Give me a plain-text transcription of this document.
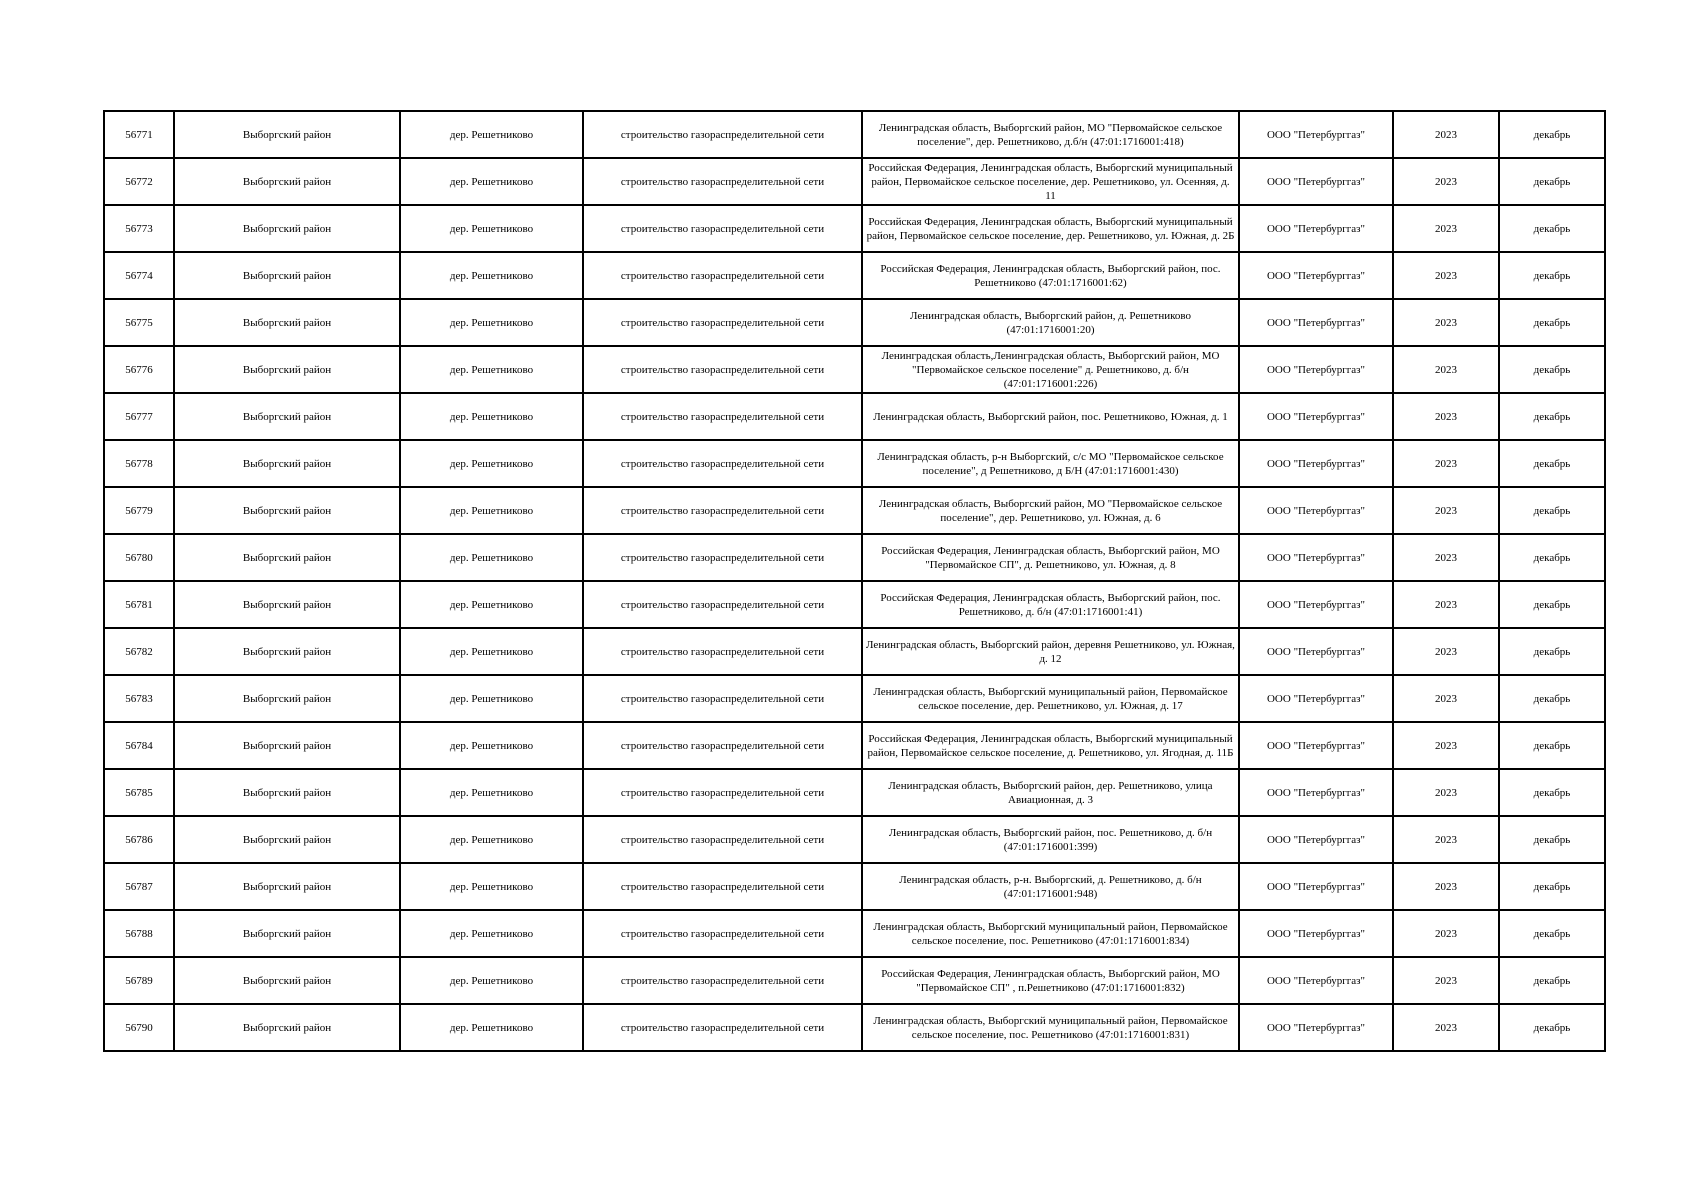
56771	Выборгский район	дер. Решетниково	строительство газораспределительной сети	Ленинградская область, Выборгский район, МО "Первомайское сельское поселение", дер. Решетниково, д.б/н (47:01:1716001:418)	ООО "Петербурггаз"	2023	декабрь
56772	Выборгский район	дер. Решетниково	строительство газораспределительной сети	Российская Федерация, Ленинградская область, Выборгский муниципальный район, Первомайское сельское поселение, дер. Решетниково, ул. Осенняя, д. 11	ООО "Петербурггаз"	2023	декабрь
56773	Выборгский район	дер. Решетниково	строительство газораспределительной сети	Российская Федерация, Ленинградская область, Выборгский муниципальный район, Первомайское сельское поселение, дер. Решетниково, ул. Южная, д. 2Б	ООО "Петербурггаз"	2023	декабрь
56774	Выборгский район	дер. Решетниково	строительство газораспределительной сети	Российская Федерация, Ленинградская область, Выборгский район, пос. Решетниково (47:01:1716001:62)	ООО "Петербурггаз"	2023	декабрь
56775	Выборгский район	дер. Решетниково	строительство газораспределительной сети	Ленинградская область, Выборгский район, д. Решетниково (47:01:1716001:20)	ООО "Петербурггаз"	2023	декабрь
56776	Выборгский район	дер. Решетниково	строительство газораспределительной сети	Ленинградская область,Ленинградская область, Выборгский район, МО "Первомайское сельское поселение" д. Решетниково, д. б/н (47:01:1716001:226)	ООО "Петербурггаз"	2023	декабрь
56777	Выборгский район	дер. Решетниково	строительство газораспределительной сети	Ленинградская область, Выборгский район, пос. Решетниково, Южная, д. 1	ООО "Петербурггаз"	2023	декабрь
56778	Выборгский район	дер. Решетниково	строительство газораспределительной сети	Ленинградская область, р-н Выборгский, с/с МО "Первомайское сельское поселение", д Решетниково, д Б/Н (47:01:1716001:430)	ООО "Петербурггаз"	2023	декабрь
56779	Выборгский район	дер. Решетниково	строительство газораспределительной сети	Ленинградская область, Выборгский район, МО "Первомайское сельское поселение", дер. Решетниково, ул. Южная, д. 6	ООО "Петербурггаз"	2023	декабрь
56780	Выборгский район	дер. Решетниково	строительство газораспределительной сети	Российская Федерация, Ленинградская область, Выборгский район, МО "Первомайское СП", д. Решетниково, ул. Южная, д. 8	ООО "Петербурггаз"	2023	декабрь
56781	Выборгский район	дер. Решетниково	строительство газораспределительной сети	Российская Федерация, Ленинградская область, Выборгский район, пос. Решетниково, д. б/н (47:01:1716001:41)	ООО "Петербурггаз"	2023	декабрь
56782	Выборгский район	дер. Решетниково	строительство газораспределительной сети	Ленинградская область, Выборгский район, деревня Решетниково, ул. Южная, д. 12	ООО "Петербурггаз"	2023	декабрь
56783	Выборгский район	дер. Решетниково	строительство газораспределительной сети	Ленинградская область, Выборгский муниципальный район, Первомайское сельское поселение, дер. Решетниково, ул. Южная, д. 17	ООО "Петербурггаз"	2023	декабрь
56784	Выборгский район	дер. Решетниково	строительство газораспределительной сети	Российская Федерация, Ленинградская область, Выборгский муниципальный район, Первомайское сельское поселение, д. Решетниково, ул. Ягодная, д. 11Б	ООО "Петербурггаз"	2023	декабрь
56785	Выборгский район	дер. Решетниково	строительство газораспределительной сети	Ленинградская область, Выборгский район, дер. Решетниково, улица Авиационная, д. 3	ООО "Петербурггаз"	2023	декабрь
56786	Выборгский район	дер. Решетниково	строительство газораспределительной сети	Ленинградская область, Выборгский район, пос. Решетниково, д. б/н (47:01:1716001:399)	ООО "Петербурггаз"	2023	декабрь
56787	Выборгский район	дер. Решетниково	строительство газораспределительной сети	Ленинградская область, р-н. Выборгский, д. Решетниково, д. б/н (47:01:1716001:948)	ООО "Петербурггаз"	2023	декабрь
56788	Выборгский район	дер. Решетниково	строительство газораспределительной сети	Ленинградская область, Выборгский муниципальный район, Первомайское сельское поселение, пос. Решетниково (47:01:1716001:834)	ООО "Петербурггаз"	2023	декабрь
56789	Выборгский район	дер. Решетниково	строительство газораспределительной сети	Российская Федерация, Ленинградская область, Выборгский район, МО "Первомайское СП" , п.Решетниково (47:01:1716001:832)	ООО "Петербурггаз"	2023	декабрь
56790	Выборгский район	дер. Решетниково	строительство газораспределительной сети	Ленинградская область, Выборгский муниципальный район, Первомайское сельское поселение, пос. Решетниково (47:01:1716001:831)	ООО "Петербурггаз"	2023	декабрь
